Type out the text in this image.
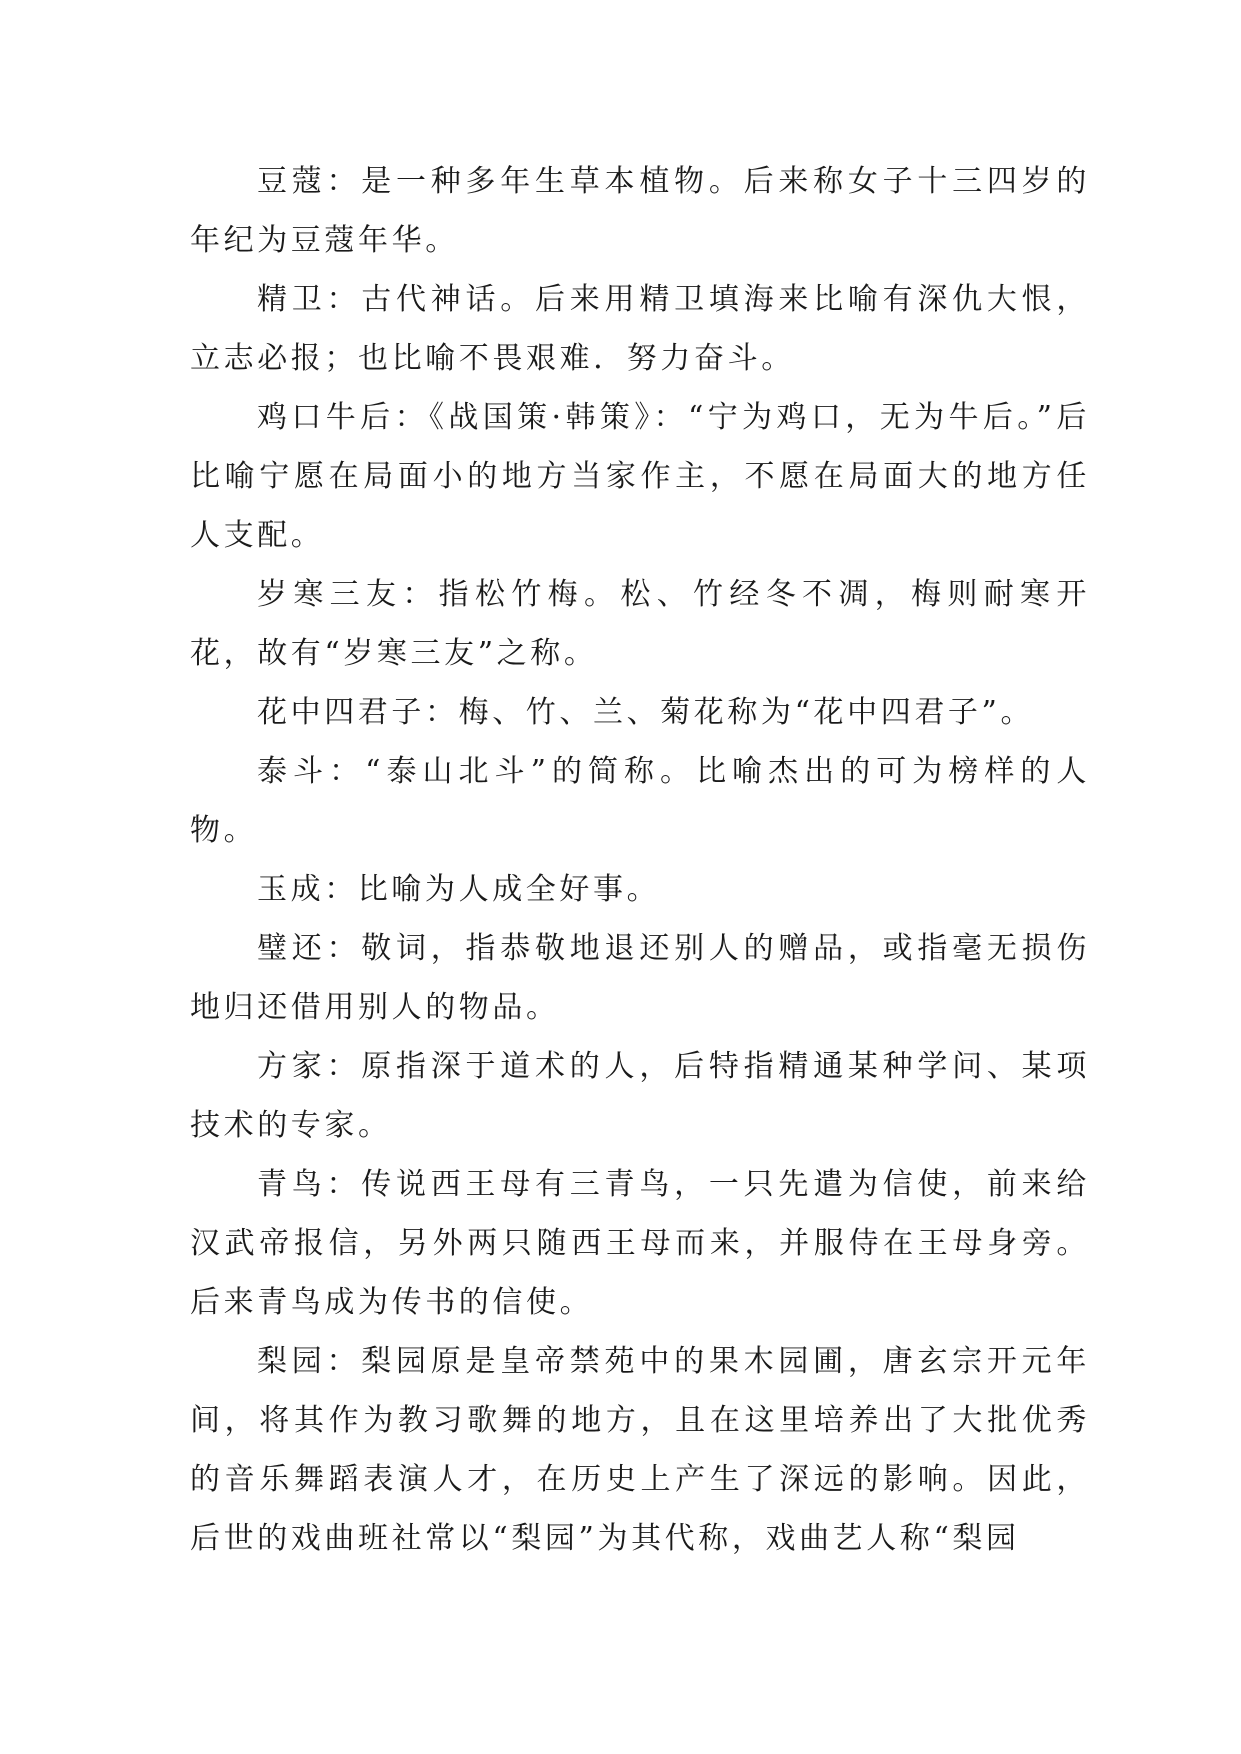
豆蔻：是一种多年生草本植物。后来称女子十三四岁的年纪为豆蔻年华。

精卫：古代神话。后来用精卫填海来比喻有深仇大恨，立志必报；也比喻不畏艰难．努力奋斗。

鸡口牛后：《战国策·韩策》：“宁为鸡口，无为牛后。”后比喻宁愿在局面小的地方当家作主，不愿在局面大的地方任人支配。

岁寒三友：指松竹梅。松、竹经冬不凋，梅则耐寒开花，故有“岁寒三友”之称。

花中四君子：梅、竹、兰、菊花称为“花中四君子”。

泰斗：“泰山北斗”的简称。比喻杰出的可为榜样的人物。

玉成：比喻为人成全好事。

璧还：敬词，指恭敬地退还别人的赠品，或指毫无损伤地归还借用别人的物品。

方家：原指深于道术的人，后特指精通某种学问、某项技术的专家。

青鸟：传说西王母有三青鸟，一只先遣为信使，前来给汉武帝报信，另外两只随西王母而来，并服侍在王母身旁。后来青鸟成为传书的信使。

梨园：梨园原是皇帝禁苑中的果木园圃，唐玄宗开元年间，将其作为教习歌舞的地方，且在这里培养出了大批优秀的音乐舞蹈表演人才，在历史上产生了深远的影响。因此，后世的戏曲班社常以“梨园”为其代称，戏曲艺人称“梨园
